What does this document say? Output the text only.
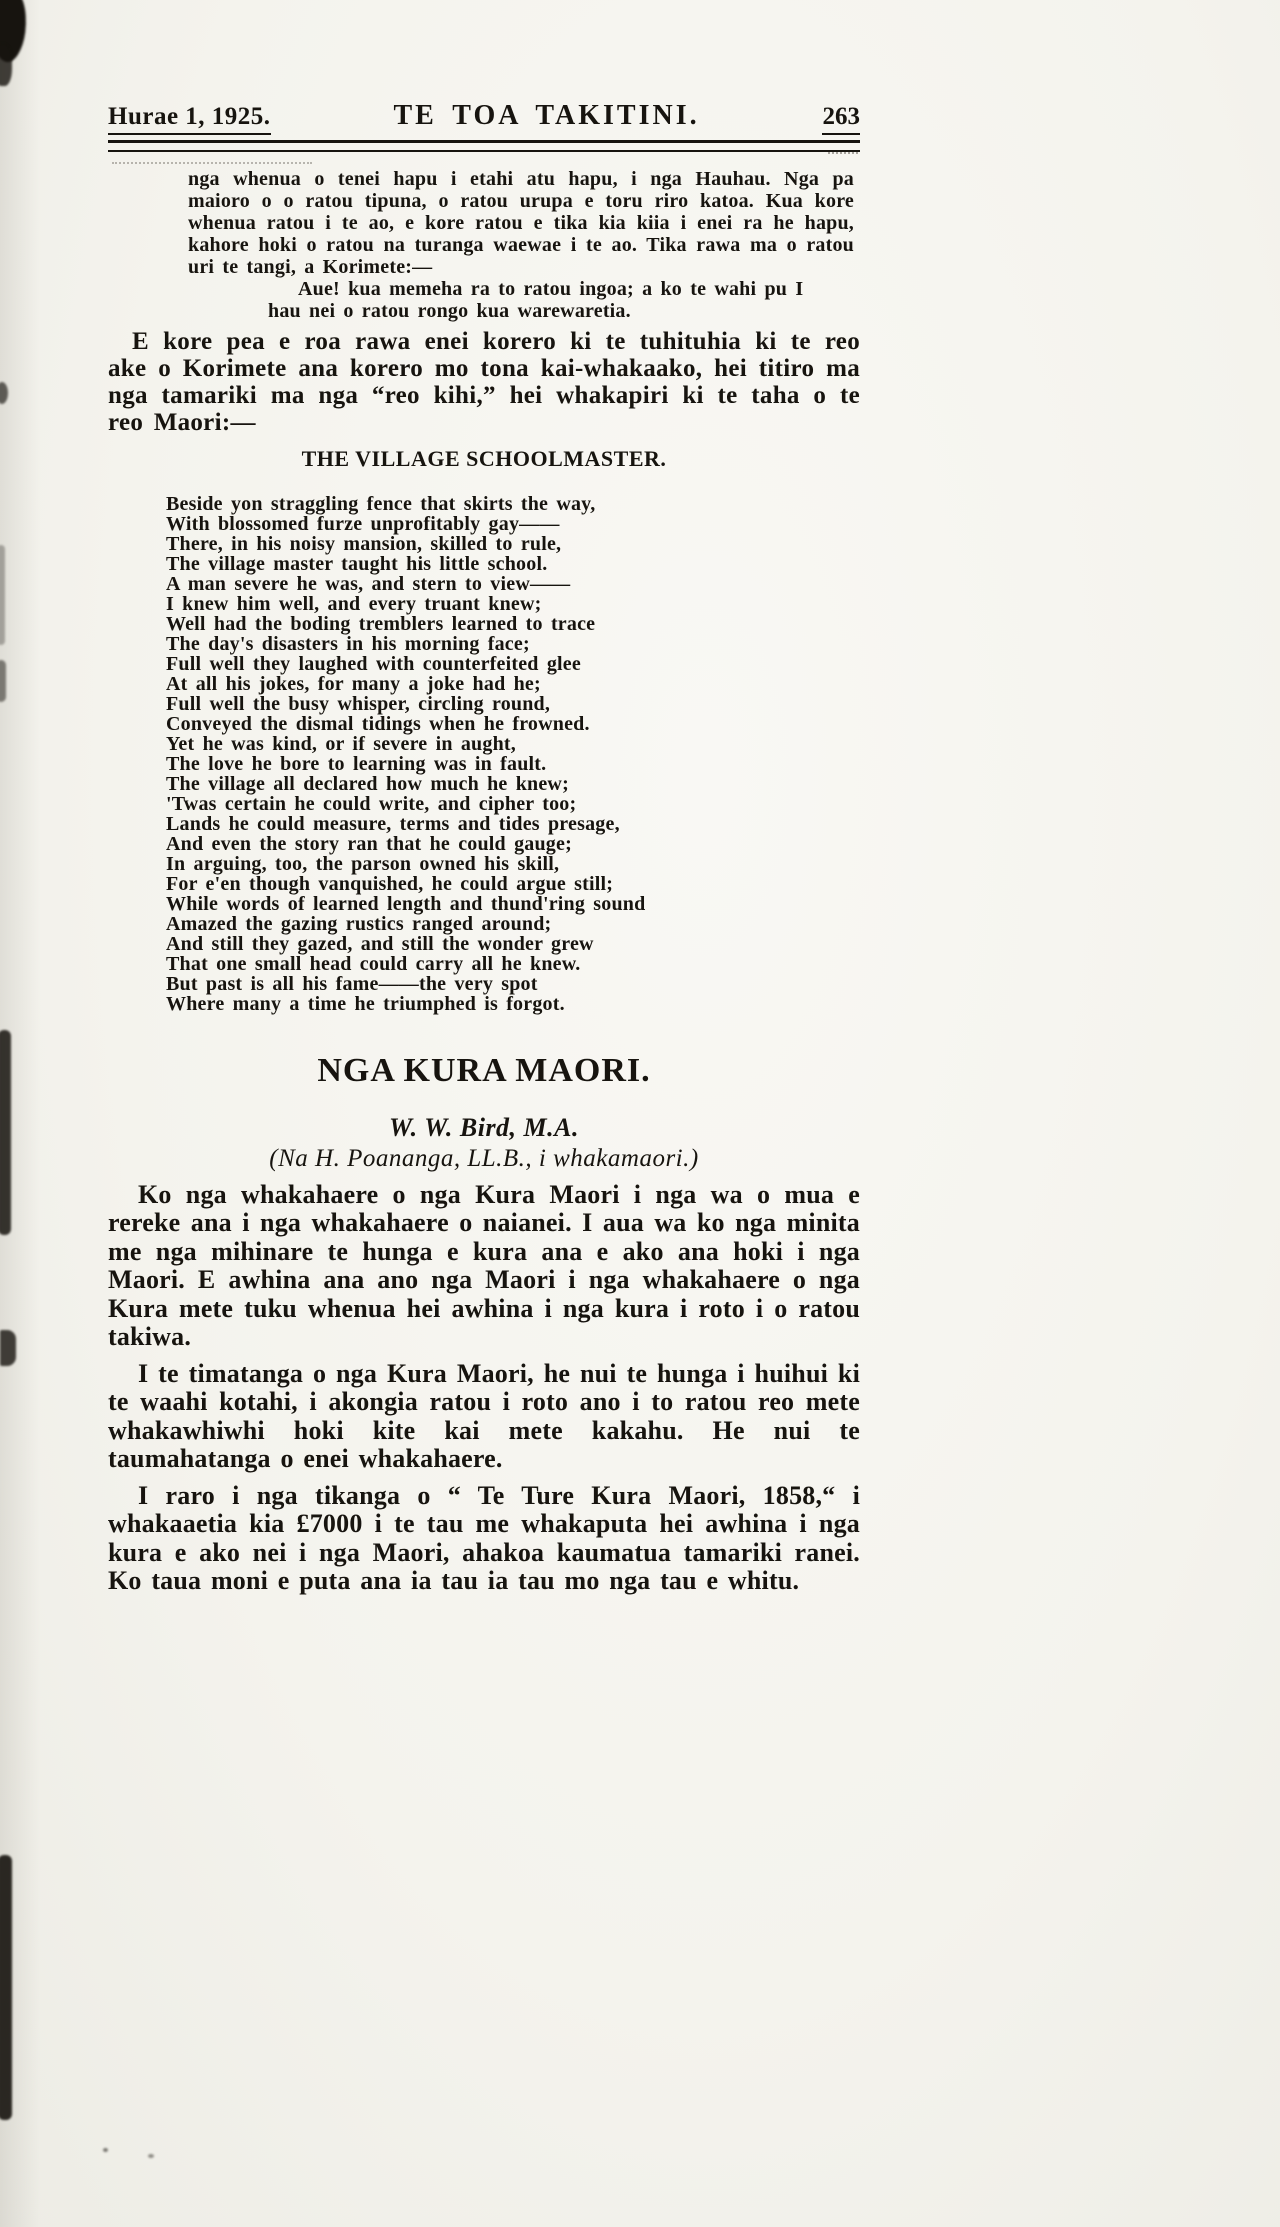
Hurae 1, 1925.	TE TOA TAKITINI.	263

nga whenua o tenei hapu i etahi atu hapu, i nga Hauhau. Nga pa maioro o o ratou tipuna, o ratou urupa e toru riro katoa. Kua kore whenua ratou i te ao, e kore ratou e tika kia kiia i enei ra he hapu, kahore hoki o ratou na turanga waewae i te ao. Tika rawa ma o ratou uri te tangi, a Korimete:—

Aue! kua memeha ra to ratou ingoa; a ko te wahi pu I hau nei o ratou rongo kua warewaretia.

E kore pea e roa rawa enei korero ki te tuhituhia ki te reo ake o Korimete ana korero mo tona kai-whakaako, hei titiro ma nga tamariki ma nga “reo kihi,” hei whakapiri ki te taha o te reo Maori:—

THE VILLAGE SCHOOLMASTER.
Beside yon straggling fence that skirts the way,
With blossomed furze unprofitably gay——
There, in his noisy mansion, skilled to rule,
The village master taught his little school.
A man severe he was, and stern to view——
I knew him well, and every truant knew;
Well had the boding tremblers learned to trace
The day's disasters in his morning face;
Full well they laughed with counterfeited glee
At all his jokes, for many a joke had he;
Full well the busy whisper, circling round,
Conveyed the dismal tidings when he frowned.
Yet he was kind, or if severe in aught,
The love he bore to learning was in fault.
The village all declared how much he knew;
'Twas certain he could write, and cipher too;
Lands he could measure, terms and tides presage,
And even the story ran that he could gauge;
In arguing, too, the parson owned his skill,
For e'en though vanquished, he could argue still;
While words of learned length and thund'ring sound
Amazed the gazing rustics ranged around;
And still they gazed, and still the wonder grew
That one small head could carry all he knew.
But past is all his fame——the very spot
Where many a time he triumphed is forgot.
NGA KURA MAORI.
W. W. Bird, M.A.
(Na H. Poananga, LL.B., i whakamaori.)

Ko nga whakahaere o nga Kura Maori i nga wa o mua e rereke ana i nga whakahaere o naianei. I aua wa ko nga minita me nga mihinare te hunga e kura ana e ako ana hoki i nga Maori. E awhina ana ano nga Maori i nga whakahaere o nga Kura mete tuku whenua hei awhina i nga kura i roto i o ratou takiwa.

I te timatanga o nga Kura Maori, he nui te hunga i huihui ki te waahi kotahi, i akongia ratou i roto ano i to ratou reo mete whakawhiwhi hoki kite kai mete kakahu. He nui te taumahatanga o enei whakahaere.

I raro i nga tikanga o “ Te Ture Kura Maori, 1858,“ i whakaaetia kia £7000 i te tau me whakaputa hei awhina i nga kura e ako nei i nga Maori, ahakoa kaumatua tamariki ranei. Ko taua moni e puta ana ia tau ia tau mo nga tau e whitu.
